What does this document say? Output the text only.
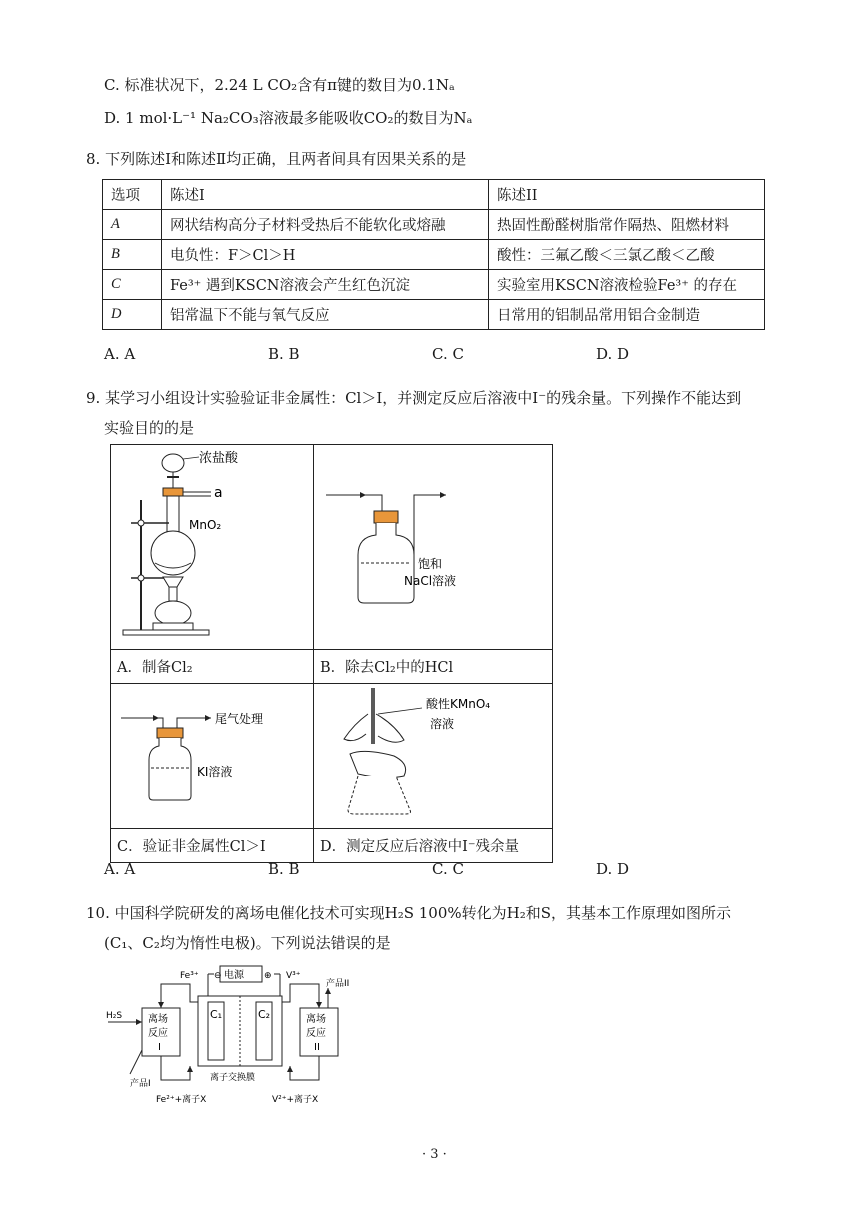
C. 标准状况下，2.24 L CO₂含有π键的数目为0.1Nₐ
D. 1 mol·L⁻¹ Na₂CO₃溶液最多能吸收CO₂的数目为Nₐ
8. 下列陈述Ⅰ和陈述Ⅱ均正确，且两者间具有因果关系的是
选项	陈述I	陈述II
A	网状结构高分子材料受热后不能软化或熔融	热固性酚醛树脂常作隔热、阻燃材料
B	电负性：F＞Cl＞H	酸性：三氟乙酸＜三氯乙酸＜乙酸
C	Fe³⁺ 遇到KSCN溶液会产生红色沉淀	实验室用KSCN溶液检验Fe³⁺ 的存在
D	铝常温下不能与氧气反应	日常用的铝制品常用铝合金制造
A. A	B. B	C. C	D. D
9. 某学习小组设计实验验证非金属性：Cl＞I，并测定反应后溶液中I⁻的残余量。下列操作不能达到
实验目的的是
浓盐酸
a
MnO₂	饱和
NaCl溶液

A．制备Cl₂	B．除去Cl₂中的HCl

尾气处理
KI溶液	酸性KMnO₄
溶液

C．验证非金属性Cl＞I	D．测定反应后溶液中I⁻残余量
A. A	B. B	C. C	D. D
10. 中国科学院研发的离场电催化技术可实现H₂S 100%转化为H₂和S，其基本工作原理如图所示
(C₁、C₂均为惰性电极)。下列说法错误的是
电源
⊖	⊕
C₁	C₂
离场
反应
I
离场
反应
II
Fe³⁺
Fe²⁺+离子X
V³⁺
V²⁺+离子X
H₂S
产品I
产品II
离子交换膜
· 3 ·
